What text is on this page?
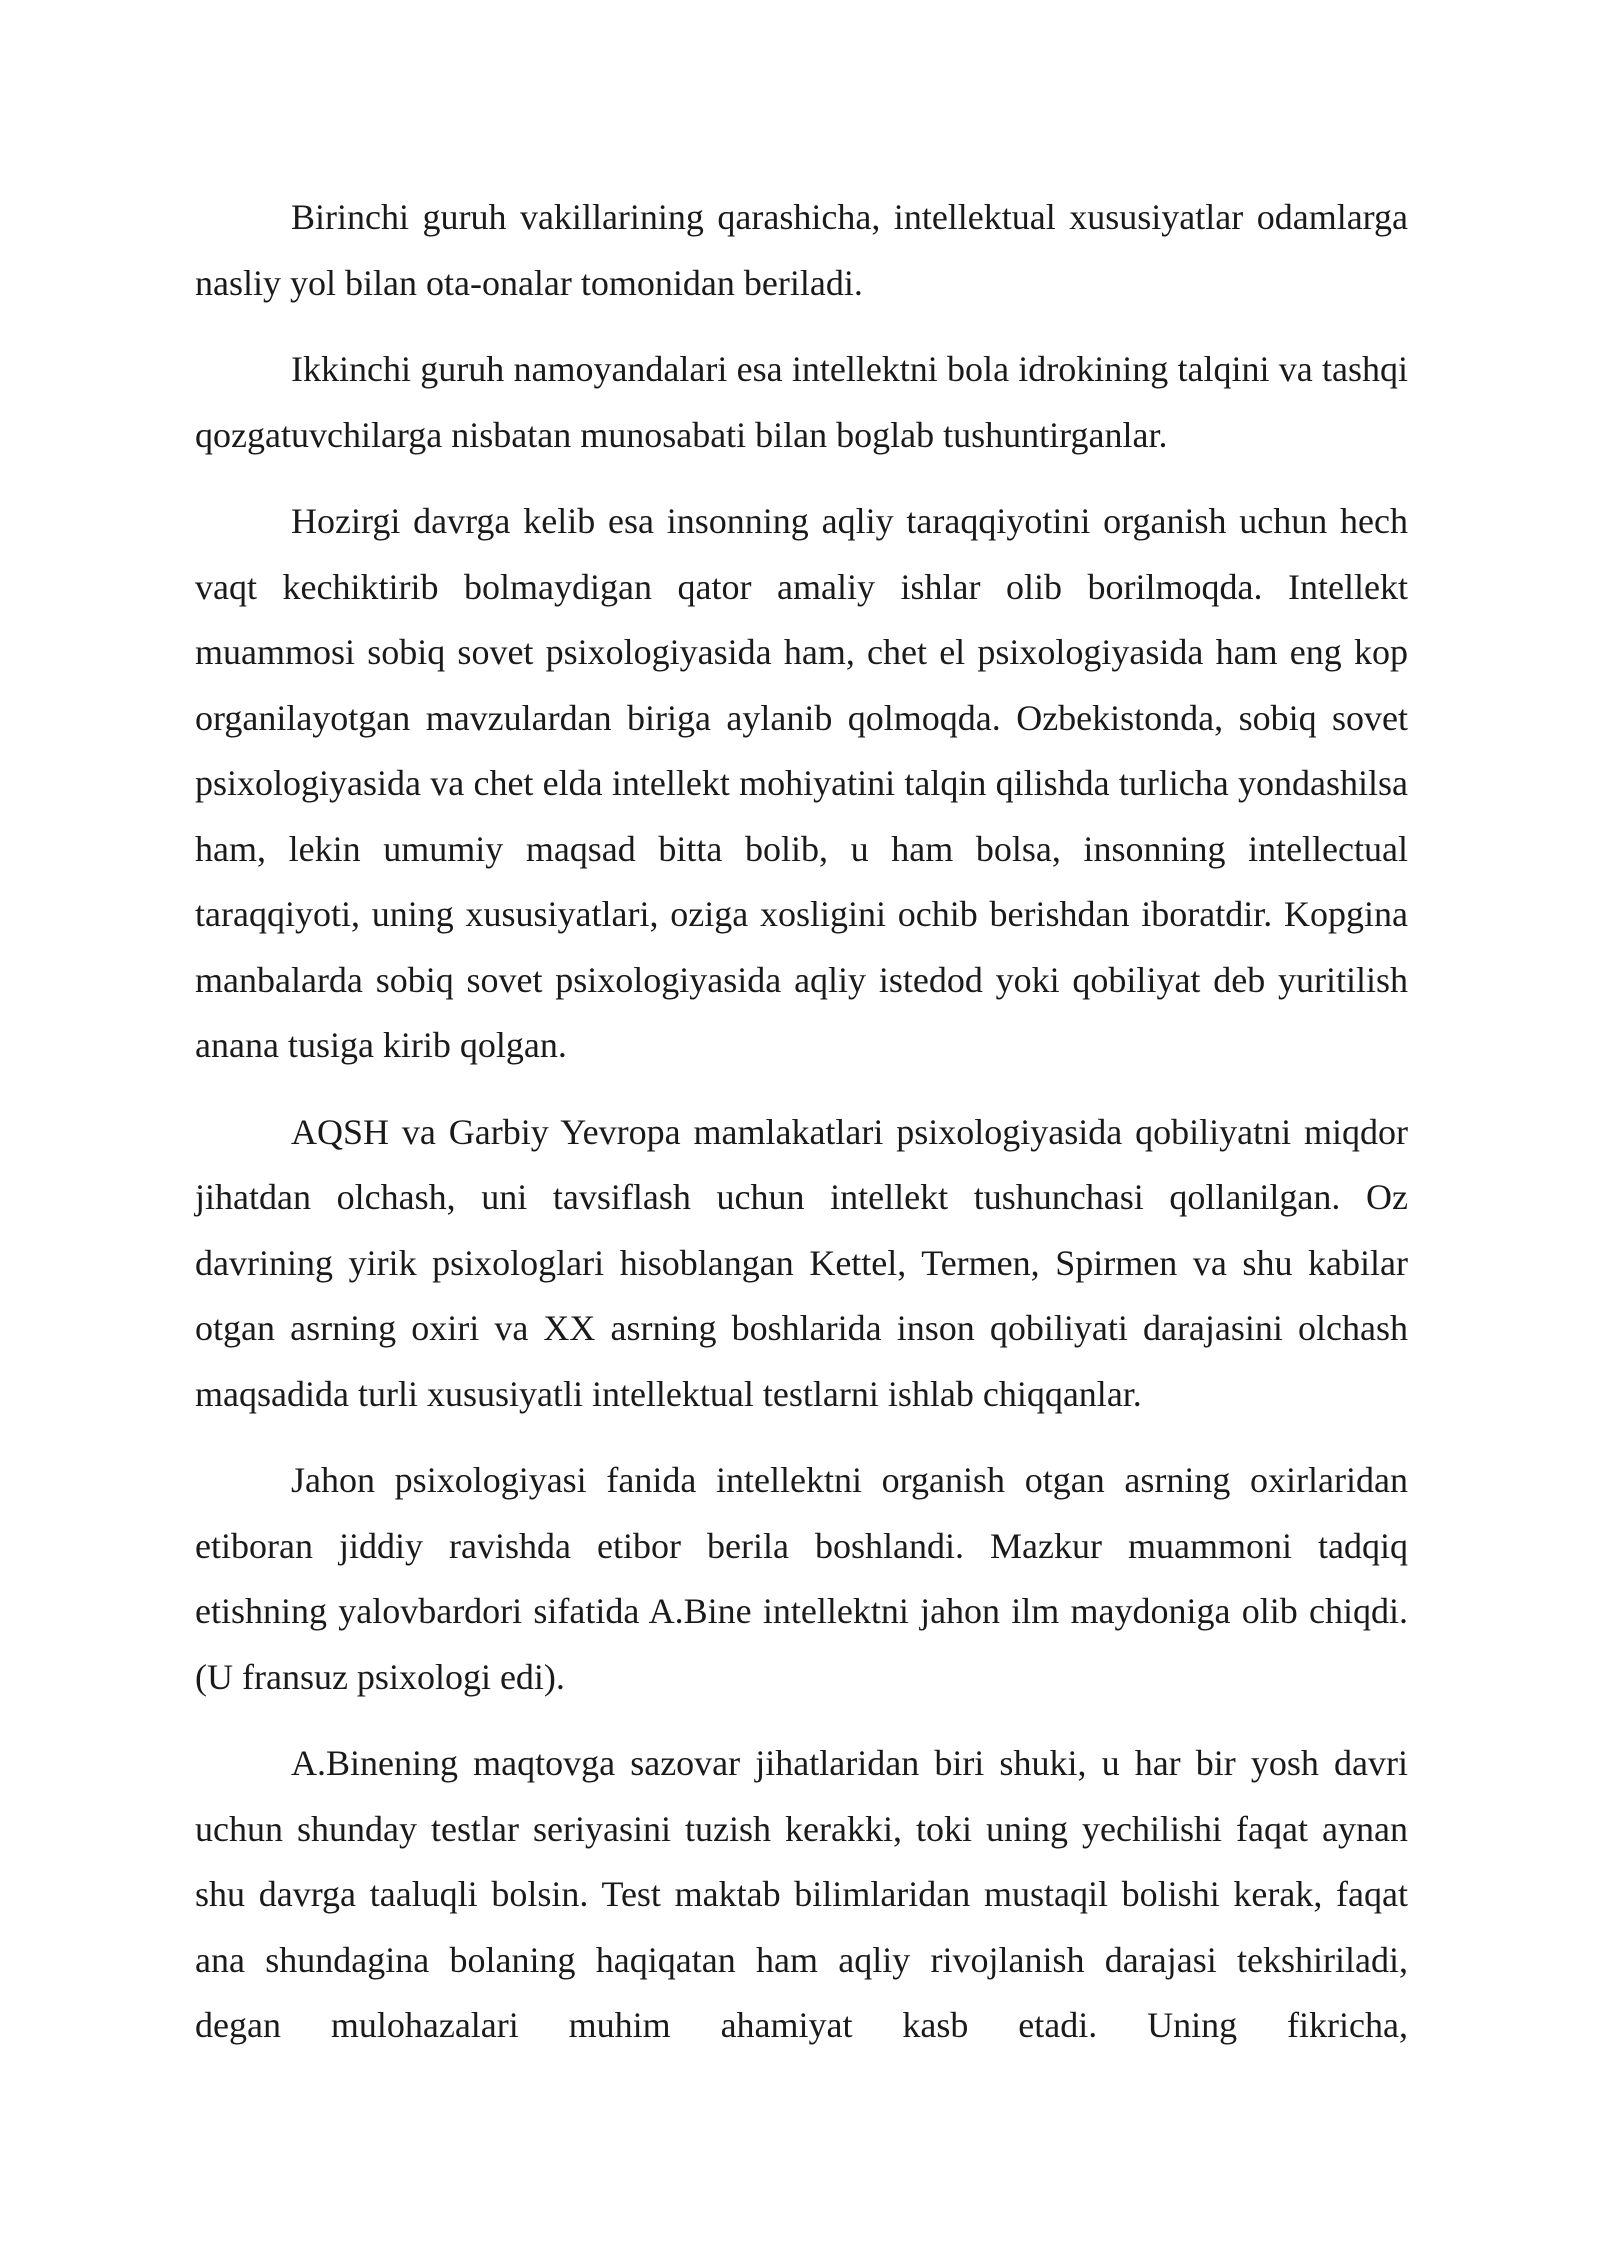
Birinchi guruh vakillarining qarashicha, intellektual xususiyatlar odamlarga nasliy yol bilan ota-onalar tomonidan beriladi.

Ikkinchi guruh namoyandalari esa intellektni bola idrokining talqini va tashqi qozgatuvchilarga nisbatan munosabati bilan boglab tushuntirganlar.

Hozirgi davrga kelib esa insonning aqliy taraqqiyotini organish uchun hech vaqt kechiktirib bolmaydigan qator amaliy ishlar olib borilmoqda. Intellekt muammosi sobiq sovet psixologiyasida ham, chet el psixologiyasida ham eng kop organilayotgan mavzulardan biriga aylanib qolmoqda. Ozbekistonda, sobiq sovet psixologiyasida va chet elda intellekt mohiyatini talqin qilishda turlicha yondashilsa ham, lekin umumiy maqsad bitta bolib, u ham bolsa, insonning intellectual taraqqiyoti, uning xususiyatlari, oziga xosligini ochib berishdan iboratdir. Kopgina manbalarda sobiq sovet psixologiyasida aqliy istedod yoki qobiliyat deb yuritilish anana tusiga kirib qolgan.

AQSH va Garbiy Yevropa mamlakatlari psixologiyasida qobiliyatni miqdor jihatdan olchash, uni tavsiflash uchun intellekt tushunchasi qollanilgan. Oz davrining yirik psixologlari hisoblangan Kettel, Termen, Spirmen va shu kabilar otgan asrning oxiri va XX asrning boshlarida inson qobiliyati darajasini olchash maqsadida turli xususiyatli intellektual testlarni ishlab chiqqanlar.

Jahon psixologiyasi fanida intellektni organish otgan asrning oxirlaridan etiboran jiddiy ravishda etibor berila boshlandi. Mazkur muammoni tadqiq etishning yalovbardori sifatida A.Bine intellektni jahon ilm maydoniga olib chiqdi. (U fransuz psixologi edi).

A.Binening maqtovga sazovar jihatlaridan biri shuki, u har bir yosh davri uchun shunday testlar seriyasini tuzish kerakki, toki uning yechilishi faqat aynan shu davrga taaluqli bolsin. Test maktab bilimlaridan mustaqil bolishi kerak, faqat ana shundagina bolaning haqiqatan ham aqliy rivojlanish darajasi tekshiriladi, degan mulohazalari muhim ahamiyat kasb etadi. Uning fikricha,
